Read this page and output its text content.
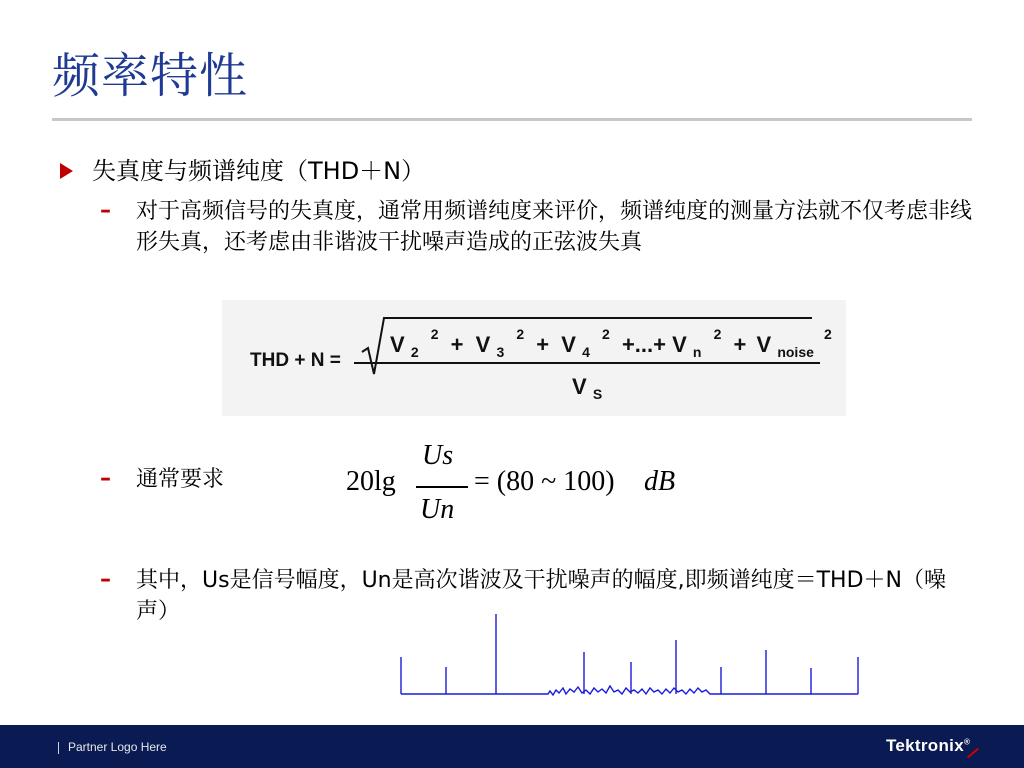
频率特性
失真度与频谱纯度（THD＋N）
– 对于高频信号的失真度，通常用频谱纯度来评价，频谱纯度的测量方法就不仅考虑非线形失真，还考虑由非谐波干扰噪声造成的正弦波失真
THD + N =
V $_2$ $^2$ + V $_3$ $^2$ + V $_4$ $^2$ +...+ V $_n$ $^2$ + V $_{noise}$ $^2$
V $_S$
– 通常要求	20lg
Us
Un
= (80 ~ 100) dB
– 其中，Us是信号幅度，Un是高次谐波及干扰噪声的幅度,即频谱纯度＝THD＋N（噪声）
Partner Logo Here	Tektronix®
